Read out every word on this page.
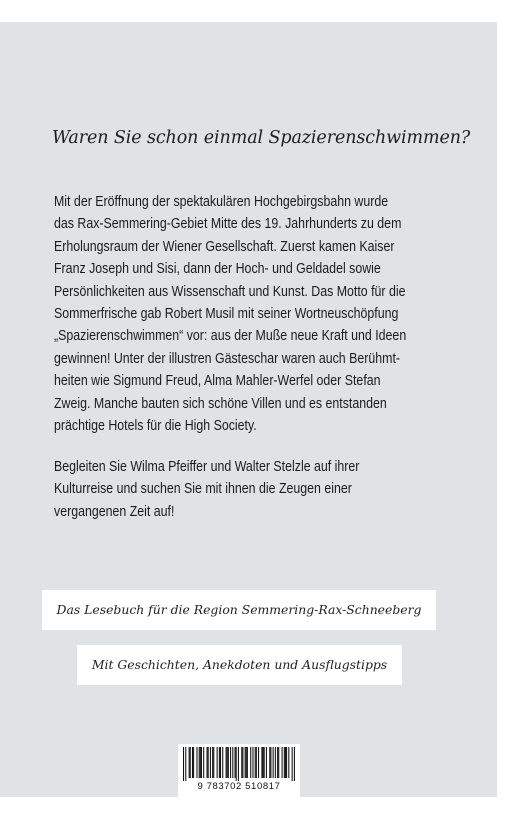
Waren Sie schon einmal Spazierenschwimmen?
Mit der Eröffnung der spektakulären Hochgebirgsbahn wurde
das Rax-Semmering-Gebiet Mitte des 19. Jahrhunderts zu dem
Erholungsraum der Wiener Gesellschaft. Zuerst kamen Kaiser
Franz Joseph und Sisi, dann der Hoch- und Geldadel sowie
Persönlichkeiten aus Wissenschaft und Kunst. Das Motto für die
Sommerfrische gab Robert Musil mit seiner Wortneuschöpfung
„Spazierenschwimmen“ vor: aus der Muße neue Kraft und Ideen
gewinnen! Unter der illustren Gästeschar waren auch Berühmt-
heiten wie Sigmund Freud, Alma Mahler-Werfel oder Stefan
Zweig. Manche bauten sich schöne Villen und es entstanden
prächtige Hotels für die High Society.
Begleiten Sie Wilma Pfeiffer und Walter Stelzle auf ihrer
Kulturreise und suchen Sie mit ihnen die Zeugen einer
vergangenen Zeit auf!
Das Lesebuch für die Region Semmering-Rax-Schneeberg
Mit Geschichten, Anekdoten und Ausflugstipps
9 783702 510817
